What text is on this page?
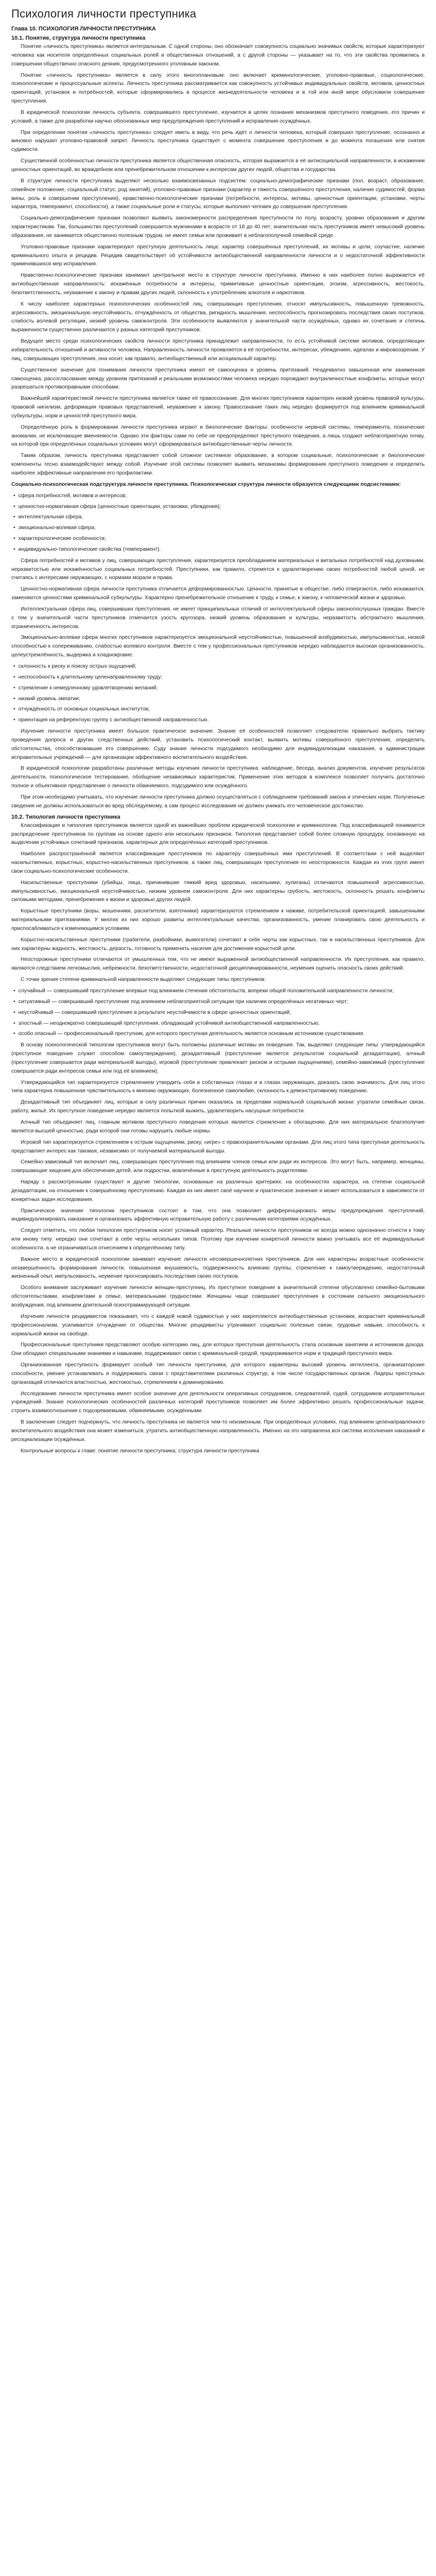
Психология личности преступника
Глава 10. ПСИХОЛОГИЯ ЛИЧНОСТИ ПРЕСТУПНИКА
10.1. Понятие, структура личности преступника

Понятие «личность преступника» является интегральным. С одной стороны, оно обозначает совокупность социально значимых свойств, которые характеризуют человека как носителя определённых социальных ролей и общественных отношений, а с другой стороны — указывает на то, что эти свойства проявились в совершении общественно опасного деяния, предусмотренного уголовным законом.

Понятие «личность преступника» является в силу этого многоплановым: оно включает криминологические, уголовно-правовые, социологические, психологические и процессуальные аспекты. Личность преступника рассматривается как совокупность устойчивых индивидуальных свойств, мотивов, ценностных ориентаций, установок и потребностей, которые сформировались в процессе жизнедеятельности человека и в той или иной мере обусловили совершение преступления.

В юридической психологии личность субъекта, совершившего преступление, изучается в целях познания механизмов преступного поведения, его причин и условий, а также для разработки научно обоснованных мер предупреждения преступлений и исправления осуждённых.

При определении понятия «личность преступника» следует иметь в виду, что речь идёт о личности человека, который совершил преступление, осознанно и виновно нарушил уголовно-правовой запрет. Личность преступника существует с момента совершения преступления и до момента погашения или снятия судимости.

Существенной особенностью личности преступника является общественная опасность, которая выражается в её антисоциальной направленности, в искажении ценностных ориентаций, во враждебном или пренебрежительном отношении к интересам других людей, общества и государства.

В структуре личности преступника выделяют несколько взаимосвязанных подсистем: социально-демографические признаки (пол, возраст, образование, семейное положение, социальный статус, род занятий), уголовно-правовые признаки (характер и тяжесть совершённого преступления, наличие судимостей, форма вины, роль в совершении преступления), нравственно-психологические признаки (потребности, интересы, мотивы, ценностные ориентации, установки, черты характера, темперамент, способности), а также социальные роли и статусы, которые выполнял человек до совершения преступления.

Социально-демографические признаки позволяют выявить закономерности распределения преступности по полу, возрасту, уровню образования и другим характеристикам. Так, большинство преступлений совершается мужчинами в возрасте от 18 до 40 лет; значительная часть преступников имеет невысокий уровень образования, не занимается общественно полезным трудом, не имеет семьи или проживает в неблагополучной семейной среде.

Уголовно-правовые признаки характеризуют преступную деятельность лица: характер совершённых преступлений, их мотивы и цели, соучастие, наличие криминального опыта и рецидив. Рецидив свидетельствует об устойчивости антиобщественной направленности личности и о недостаточной эффективности применявшихся мер исправления.

Нравственно-психологические признаки занимают центральное место в структуре личности преступника. Именно в них наиболее полно выражается её антиобщественная направленность: искажённые потребности и интересы, примитивные ценностные ориентации, эгоизм, агрессивность, жестокость, безответственность, неуважение к закону и правам других людей, склонность к употреблению алкоголя и наркотиков.

К числу наиболее характерных психологических особенностей лиц, совершающих преступления, относят импульсивность, повышенную тревожность, агрессивность, эмоциональную неустойчивость, отчуждённость от общества, ригидность мышления, неспособность прогнозировать последствия своих поступков, слабость волевой регуляции, низкий уровень самоконтроля. Эти особенности выявляются у значительной части осуждённых, однако их сочетание и степень выраженности существенно различаются у разных категорий преступников.

Ведущее место среди психологических свойств личности преступника принадлежит направленности, то есть устойчивой системе мотивов, определяющих избирательность отношений и активности человека. Направленность личности проявляется в её потребностях, интересах, убеждениях, идеалах и мировоззрении. У лиц, совершающих преступления, она носит, как правило, антиобщественный или асоциальный характер.

Существенное значение для понимания личности преступника имеют её самооценка и уровень притязаний. Неадекватно завышенная или заниженная самооценка, рассогласование между уровнем притязаний и реальными возможностями человека нередко порождают внутриличностные конфликты, которые могут разрешаться противоправными способами.

Важнейшей характеристикой личности преступника является также её правосознание. Для многих преступников характерен низкий уровень правовой культуры, правовой нигилизм, деформация правовых представлений, неуважение к закону. Правосознание таких лиц нередко формируется под влиянием криминальной субкультуры, норм и ценностей преступного мира.

Определённую роль в формировании личности преступника играют и биологические факторы: особенности нервной системы, темперамента, психические аномалии, не исключающие вменяемости. Однако эти факторы сами по себе не предопределяют преступного поведения, а лишь создают неблагоприятную почву, на которой при определённых социальных условиях могут сформироваться антиобщественные черты личности.

Таким образом, личность преступника представляет собой сложное системное образование, в котором социальные, психологические и биологические компоненты тесно взаимодействуют между собой. Изучение этой системы позволяет выявить механизмы формирования преступного поведения и определить наиболее эффективные направления его профилактики.

Социально-психологическая подструктура личности преступника. Психологическая структура личности образуется следующими подсистемами:

• сфера потребностей, мотивов и интересов;
• ценностно-нормативная сфера (ценностные ориентации, установки, убеждения);
• интеллектуальная сфера;
• эмоционально-волевая сфера;
• характерологические особенности;
• индивидуально-типологические свойства (темперамент).

Сфера потребностей и мотивов у лиц, совершающих преступления, характеризуется преобладанием материальных и витальных потребностей над духовными, неразвитостью или искажённостью социальных потребностей. Преступники, как правило, стремятся к удовлетворению своих потребностей любой ценой, не считаясь с интересами окружающих, с нормами морали и права.

Ценностно-нормативная сфера личности преступника отличается деформированностью. Ценности, принятые в обществе, либо отвергаются, либо искажаются, заменяются ценностями криминальной субкультуры. Характерно пренебрежительное отношение к труду, к семье, к закону, к человеческой жизни и здоровью.

Интеллектуальная сфера лиц, совершивших преступления, не имеет принципиальных отличий от интеллектуальной сферы законопослушных граждан. Вместе с тем у значительной части преступников отмечается узость кругозора, низкий уровень образования и культуры, неразвитость абстрактного мышления, ограниченность интересов.

Эмоционально-волевая сфера многих преступников характеризуется эмоциональной неустойчивостью, повышенной возбудимостью, импульсивностью, низкой способностью к сопереживанию, слабостью волевого контроля. Вместе с тем у профессиональных преступников нередко наблюдаются высокая организованность, целеустремлённость, выдержка и хладнокровие.

• склонность к риску и поиску острых ощущений;
• неспособность к длительному целенаправленному труду;
• стремление к немедленному удовлетворению желаний;
• низкий уровень эмпатии;
• отчуждённость от основных социальных институтов;
• ориентация на референтную группу с антиобщественной направленностью.

Изучение личности преступника имеет большое практическое значение. Знание её особенностей позволяет следователю правильно выбрать тактику проведения допроса и других следственных действий, установить психологический контакт, выявить мотивы совершённого преступления, определить обстоятельства, способствовавшие его совершению. Суду знание личности подсудимого необходимо для индивидуализации наказания, а администрации исправительных учреждений — для организации эффективного воспитательного воздействия.

В юридической психологии разработаны различные методы изучения личности преступника: наблюдение, беседа, анализ документов, изучение результатов деятельности, психологическое тестирование, обобщение независимых характеристик. Применение этих методов в комплексе позволяет получить достаточно полное и объективное представление о личности обвиняемого, подсудимого или осуждённого.

При этом необходимо учитывать, что изучение личности преступника должно осуществляться с соблюдением требований закона и этических норм. Полученные сведения не должны использоваться во вред обследуемому, а сам процесс исследования не должен унижать его человеческое достоинство.

10.2. Типология личности преступника

Классификация и типология преступников является одной из важнейших проблем юридической психологии и криминологии. Под классификацией понимается распределение преступников по группам на основе одного или нескольких признаков. Типология представляет собой более сложную процедуру, основанную на выделении устойчивых сочетаний признаков, характерных для определённых категорий преступников.

Наиболее распространённой является классификация преступников по характеру совершённых ими преступлений. В соответствии с ней выделяют насильственных, корыстных, корыстно-насильственных преступников, а также лиц, совершающих преступления по неосторожности. Каждая из этих групп имеет свои социально-психологические особенности.

Насильственные преступники (убийцы, лица, причинившие тяжкий вред здоровью, насильники, хулиганы) отличаются повышенной агрессивностью, импульсивностью, эмоциональной неустойчивостью, низким уровнем самоконтроля. Для них характерны грубость, жестокость, склонность решать конфликты силовыми методами, пренебрежение к жизни и здоровью других людей.

Корыстные преступники (воры, мошенники, расхитители, взяточники) характеризуются стремлением к наживе, потребительской ориентацией, завышенными материальными притязаниями. У многих из них хорошо развиты интеллектуальные качества, организованность, умение планировать свою деятельность и приспосабливаться к изменяющимся условиям.

Корыстно-насильственные преступники (грабители, разбойники, вымогатели) сочетают в себе черты как корыстных, так и насильственных преступников. Для них характерны жадность, жестокость, дерзость, готовность применить насилие для достижения корыстной цели.

Неосторожные преступники отличаются от умышленных тем, что не имеют выраженной антиобщественной направленности. Их преступления, как правило, являются следствием легкомыслия, небрежности, безответственности, недостаточной дисциплинированности, неумения оценить опасность своих действий.

С точки зрения степени криминальной направленности выделяют следующие типы преступников:

• случайный — совершивший преступление впервые под влиянием стечения обстоятельств, вопреки общей положительной направленности личности;
• ситуативный — совершивший преступление под влиянием неблагоприятной ситуации при наличии определённых негативных черт;
• неустойчивый — совершивший преступление в результате неустойчивости в сфере ценностных ориентаций;
• злостный — неоднократно совершающий преступления, обладающий устойчивой антиобщественной направленностью;
• особо опасный — профессиональный преступник, для которого преступная деятельность является основным источником существования.

В основу психологической типологии преступников могут быть положены различные мотивы их поведения. Так, выделяют следующие типы: утверждающийся (преступное поведение служит способом самоутверждения), дезадаптивный (преступление является результатом социальной дезадаптации), алчный (преступление совершается ради материальной выгоды), игровой (преступление привлекает риском и острыми ощущениями), семейно-зависимый (преступление совершается ради интересов семьи или под её влиянием).

Утверждающийся тип характеризуется стремлением утвердить себя в собственных глазах и в глазах окружающих, доказать свою значимость. Для лиц этого типа характерна повышенная чувствительность к мнению окружающих, болезненное самолюбие, склонность к демонстративному поведению.

Дезадаптивный тип объединяет лиц, которые в силу различных причин оказались за пределами нормальной социальной жизни: утратили семейные связи, работу, жильё. Их преступное поведение нередко является попыткой выжить, удовлетворить насущные потребности.

Алчный тип объединяет лиц, главным мотивом преступного поведения которых является стремление к обогащению. Для них материальное благополучие является высшей ценностью, ради которой они готовы нарушить любые нормы.

Игровой тип характеризуется стремлением к острым ощущениям, риску, «игре» с правоохранительными органами. Для лиц этого типа преступная деятельность представляет интерес как таковая, независимо от получаемой материальной выгоды.

Семейно-зависимый тип включает лиц, совершающих преступления под влиянием членов семьи или ради их интересов. Это могут быть, например, женщины, совершающие хищения для обеспечения детей, или подростки, вовлечённые в преступную деятельность родителями.

Наряду с рассмотренными существуют и другие типологии, основанные на различных критериях: на особенностях характера, на степени социальной дезадаптации, на отношении к совершённому преступлению. Каждая из них имеет своё научное и практическое значение и может использоваться в зависимости от конкретных задач исследования.

Практическое значение типологии преступников состоит в том, что она позволяет дифференцировать меры предупреждения преступлений, индивидуализировать наказание и организовать эффективную исправительную работу с различными категориями осуждённых.

Следует отметить, что любая типология преступников носит условный характер. Реальные личности преступников не всегда можно однозначно отнести к тому или иному типу: нередко они сочетают в себе черты нескольких типов. Поэтому при изучении конкретной личности важно учитывать все её индивидуальные особенности, а не ограничиваться отнесением к определённому типу.

Важное место в юридической психологии занимает изучение личности несовершеннолетних преступников. Для них характерны возрастные особенности: незавершённость формирования личности, повышенная внушаемость, подверженность влиянию группы, стремление к самоутверждению, недостаточный жизненный опыт, импульсивность, неумение прогнозировать последствия своих поступков.

Особого внимания заслуживает изучение личности женщин-преступниц. Их преступное поведение в значительной степени обусловлено семейно-бытовыми обстоятельствами, конфликтами в семье, материальными трудностями. Женщины чаще совершают преступления в состоянии сильного эмоционального возбуждения, под влиянием длительной психотравмирующей ситуации.

Изучение личности рецидивистов показывает, что с каждой новой судимостью у них закрепляются антиобщественные установки, возрастает криминальный профессионализм, усиливается отчуждение от общества. Многие рецидивисты утрачивают социально полезные связи, трудовые навыки, способность к нормальной жизни на свободе.

Профессиональные преступники представляют особую категорию лиц, для которых преступная деятельность стала основным занятием и источником дохода. Они обладают специальными знаниями и навыками, поддерживают связи с криминальной средой, придерживаются норм и традиций преступного мира.

Организованная преступность формирует особый тип личности преступника, для которого характерны высокий уровень интеллекта, организаторские способности, умение устанавливать и поддерживать связи с представителями различных структур, в том числе государственных органов. Лидеры преступных организаций отличаются властностью, жестокостью, стремлением к доминированию.

Исследование личности преступника имеет особое значение для деятельности оперативных сотрудников, следователей, судей, сотрудников исправительных учреждений. Знание психологических особенностей различных категорий преступников позволяет им более эффективно решать профессиональные задачи, строить взаимоотношения с подозреваемыми, обвиняемыми, осуждёнными.

В заключение следует подчеркнуть, что личность преступника не является чем-то неизменным. При определённых условиях, под влиянием целенаправленного воспитательного воздействия она может измениться, утратить антиобщественную направленность. Именно на это направлена вся система исполнения наказаний и ресоциализации осуждённых.

Контрольные вопросы к главе: понятие личности преступника; структура личности преступника
